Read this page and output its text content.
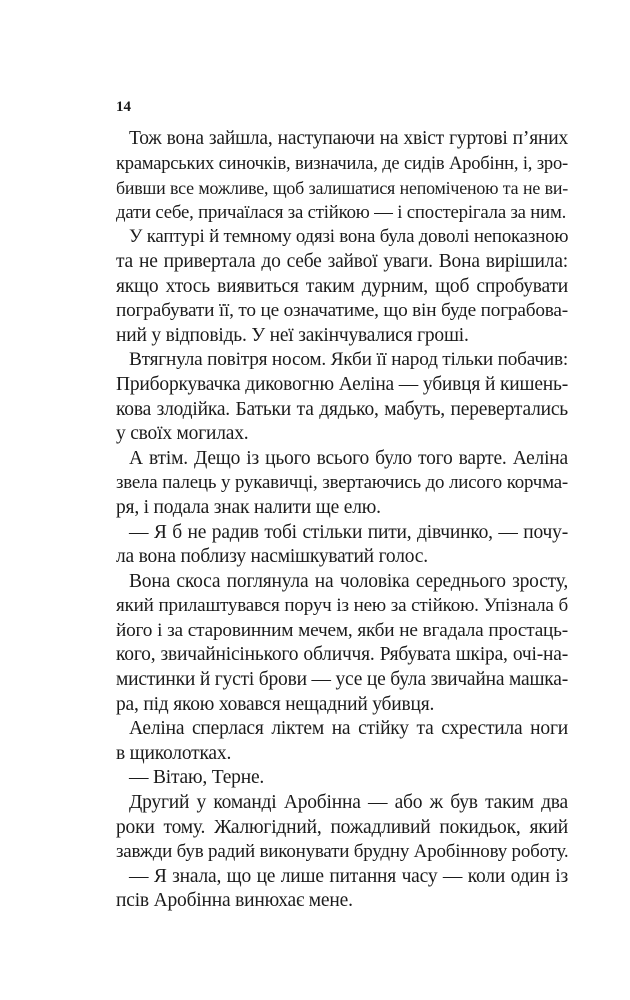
14
Тож вона зайшла, наступаючи на хвіст гуртові п’яних
крамарських синочків, визначила, де сидів Аробінн, і, зро-
бивши все можливе, щоб залишатися непоміченою та не ви-
дати себе, причаїлася за стійкою — і спостерігала за ним.
У каптурі й темному одязі вона була доволі непоказною
та не привертала до себе зайвої уваги. Вона вирішила:
якщо хтось виявиться таким дурним, щоб спробувати
пограбувати її, то це означатиме, що він буде пограбова-
ний у відповідь. У неї закінчувалися гроші.
Втягнула повітря носом. Якби її народ тільки побачив:
Приборкувачка диковогню Аеліна — убивця й кишень-
кова злодійка. Батьки та дядько, мабуть, перевертались
у своїх могилах.
А втім. Дещо із цього всього було того варте. Аеліна
звела палець у рукавичці, звертаючись до лисого корчма-
ря, і подала знак налити ще елю.
— Я б не радив тобі стільки пити, дівчинко, — почу-
ла вона поблизу насмішкуватий голос.
Вона скоса поглянула на чоловіка середнього зросту,
який прилаштувався поруч із нею за стійкою. Упізнала б
його і за старовинним мечем, якби не вгадала простаць-
кого, звичайнісінького обличчя. Рябувата шкіра, очі-на-
мистинки й густі брови — усе це була звичайна машка-
ра, під якою ховався нещадний убивця.
Аеліна сперлася ліктем на стійку та схрестила ноги
в щиколотках.
— Вітаю, Терне.
Другий у команді Аробінна — або ж був таким два
роки тому. Жалюгідний, пожадливий покидьок, який
завжди був радий виконувати брудну Аробіннову роботу.
— Я знала, що це лише питання часу — коли один із
псів Аробінна винюхає мене.
